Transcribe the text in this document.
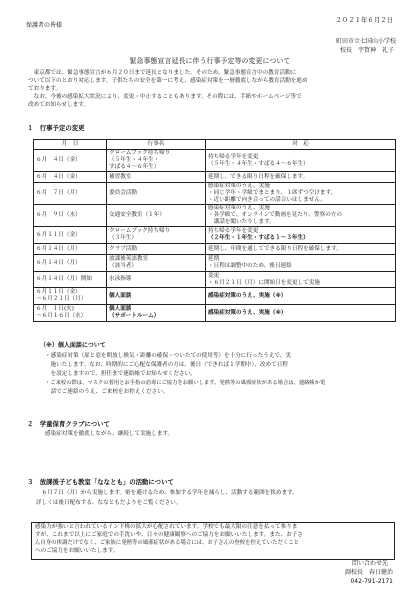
保護者の皆様
２０２１年６月２日
町田市立七国山小学校
校長　宇賀神　礼子
緊急事態宣言延長に伴う行事予定等の変更について
　東京都では、緊急事態宣言が６月２０日まで延長となりました。そのため、緊急事態宣言中の教育活動に
ついて以下のとおり対応します。子供たちの安全を第一に考え、感染症対策を一層徹底しながら教育活動を進め
ております。
　なお、今後の感染拡大状況により、変更・中止することもあります。その際には、手紙やホームページ等で
改めてお知らせします。
１　行事予定の変更
月　日	行事名	対　応

６月　４日（金）	クロームブック持ち帰り
（５年生・４年生・
すばる４～６年生）	持ち帰る学年を変更
（５年生・４年生・すばる４～６年生）

６月　４日（金）	補習教室	延期し、できる限り日程を確保します。

６月　７日（月）	委員会活動	感染症対策のうえ、実施
・同じ学年・学級でまとまり、１席ずつ空けます。
・近い距離で向き合っての話合いはしません。

６月　９日（水）	交通安全教室（１年）	感染症対策のうえ、実施
・各学級で、オンラインで動画を見たり、警察の方の
　講話を聞いたりします。

６月１１日（金）	クロームブック持ち帰り
（３年生）	持ち帰る学年を変更
（２年生・１年生・すばる１～３年生）

６月１４日（月）	クラブ活動	延期し、年間を通してできる限り日程を確保します。

６月１４日（月）	放課後英語教室
（該当者）	延期
・日程は調整中のため、後日連絡

６月１４日（月）開始	水泳指導	変更
・６月２１日（月）に開始日を変更して実施

６月１１日（金）
～６月２１日（月）	個人面談	感染症対策のうえ、実施（※）

６月　１日(火)
～６月１６日（水）	個人面談
（サポートルーム）	感染症対策のうえ、実施（※）
（※）個人面談について
・感染症対策（扉と窓を開放し換気・距離の確保・ついたての使用等）を十分に行ったうえで、実
　施いたします。なお、時期的にご心配な保護者の方は、後日（できれば１学期中）、改めて日程
　を設定しますので、担任まで連絡帳でお知らせください。
・ご来校の際は、マスクの着用とお手指の消毒にご協力をお願いします。発熱等の風邪症状がある場合は、連絡帳か電
　話でご連絡のうえ、ご来校をお控えください。
２　学童保育クラブについて
感染症対策を徹底しながら、継続して実施します。
３　放課後子ども教室「ななとも」の活動について
　６月７日（月）から実施します。密を避けるため、参加する学年を減らし、活動する範囲を狭めます。
詳しくは後日配布する、ななともだよりをご覧ください。
感染力が強いと言われているインド株の拡大が心配されています。学校でも最大限の注意を払って参りま
すが、これまで以上にご家庭での手洗いや、日々の健康観察へのご協力をお願いいたします。また、お子さ
ん自身の体調だけでなく、ご家族に発熱等の風邪症状がある場合には、お子さんの登校を控えていただくこと
へのご協力をお願いいたします。
問い合わせ先
副校長　春日健治
042-791-2171
